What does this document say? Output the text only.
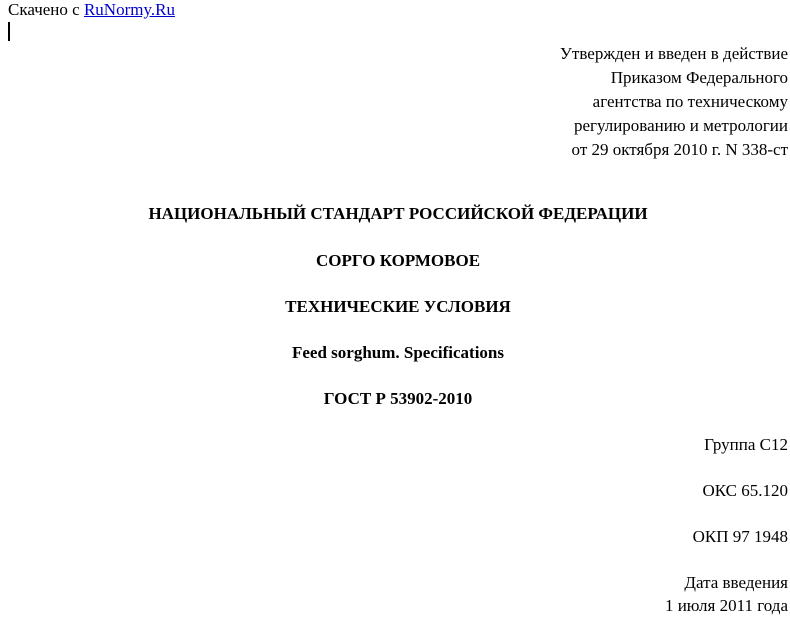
Скачено с RuNormy.Ru
Утвержден и введен в действие
Приказом Федерального
агентства по техническому
регулированию и метрологии
от 29 октября 2010 г. N 338-ст
НАЦИОНАЛЬНЫЙ СТАНДАРТ РОССИЙСКОЙ ФЕДЕРАЦИИ
СОРГО КОРМОВОЕ
ТЕХНИЧЕСКИЕ УСЛОВИЯ
Feed sorghum. Specifications
ГОСТ Р 53902-2010
Группа С12
ОКС 65.120
ОКП 97 1948
Дата введения
1 июля 2011 года
